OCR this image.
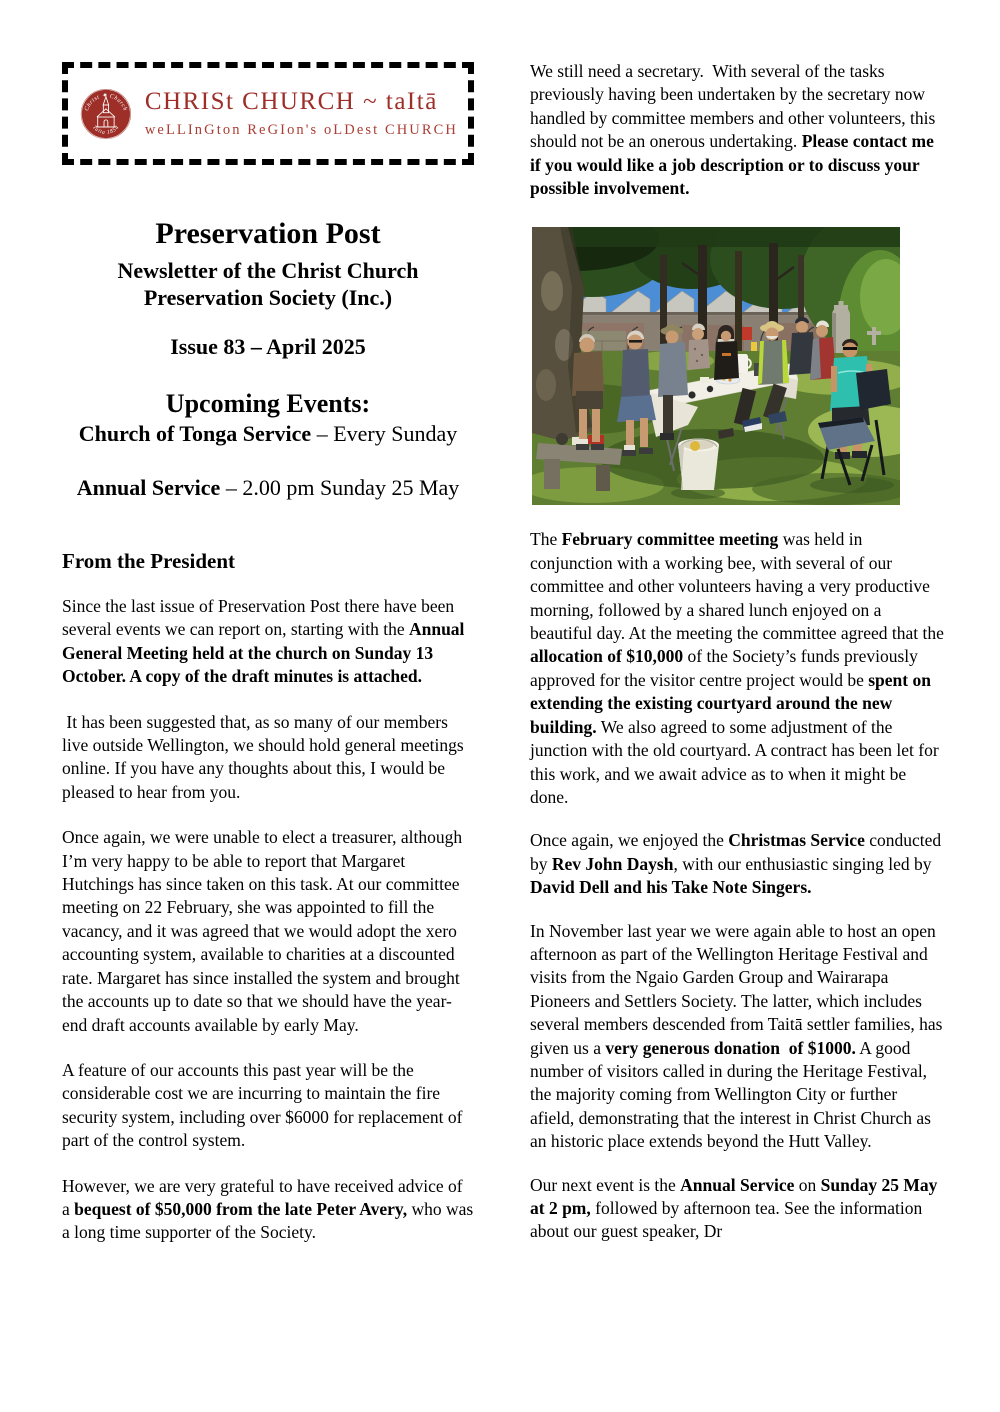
Christ ✦ Church
Taita 1854
CHRISt CHURCH ~ taItā
weLLInGton ReGIon's oLDest CHURCH
Preservation Post
Newsletter of the Christ Church
Preservation Society (Inc.)
Issue 83 – April 2025
Upcoming Events:
Church of Tonga Service – Every Sunday
Annual Service – 2.00 pm Sunday 25 May
From the President

Since the last issue of Preservation Post there have been several events we can report on, starting with the Annual General Meeting held at the church on Sunday 13 October. A copy of the draft minutes is attached.

It has been suggested that, as so many of our members live outside Wellington, we should hold general meetings online. If you have any thoughts about this, I would be pleased to hear from you.

Once again, we were unable to elect a treasurer, although I’m very happy to be able to report that Margaret Hutchings has since taken on this task. At our committee meeting on 22 February, she was appointed to fill the vacancy, and it was agreed that we would adopt the xero accounting system, available to charities at a discounted rate. Margaret has since installed the system and brought the accounts up to date so that we should have the year-end draft accounts available by early May.

A feature of our accounts this past year will be the considerable cost we are incurring to maintain the fire security system, including over $6000 for replacement of part of the control system.

However, we are very grateful to have received advice of a bequest of $50,000 from the late Peter Avery, who was a long time supporter of the Society.

We still need a secretary.  With several of the tasks previously having been undertaken by the secretary now handled by committee members and other volunteers, this should not be an onerous undertaking. Please contact me if you would like a job description or to discuss your possible involvement.

The February committee meeting was held in conjunction with a working bee, with several of our committee and other volunteers having a very productive morning, followed by a shared lunch enjoyed on a beautiful day. At the meeting the committee agreed that the allocation of $10,000 of the Society’s funds previously approved for the visitor centre project would be spent on extending the existing courtyard around the new building. We also agreed to some adjustment of the junction with the old courtyard. A contract has been let for this work, and we await advice as to when it might be done.

Once again, we enjoyed the Christmas Service conducted by Rev John Daysh, with our enthusiastic singing led by David Dell and his Take Note Singers.

In November last year we were again able to host an open afternoon as part of the Wellington Heritage Festival and visits from the Ngaio Garden Group and Wairarapa Pioneers and Settlers Society. The latter, which includes several members descended from Taitā settler families, has given us a very generous donation  of $1000. A good number of visitors called in during the Heritage Festival, the majority coming from Wellington City or further afield, demonstrating that the interest in Christ Church as an historic place extends beyond the Hutt Valley.

Our next event is the Annual Service on Sunday 25 May at 2 pm, followed by afternoon tea. See the information about our guest speaker, Dr
